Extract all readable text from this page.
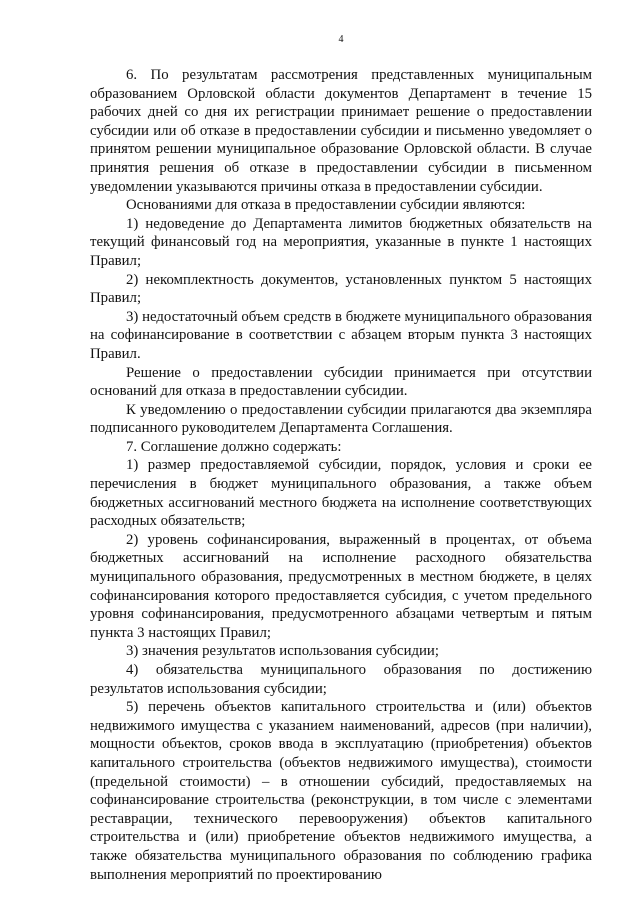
4

6. По результатам рассмотрения представленных муниципальным образованием Орловской области документов Департамент в течение 15 рабочих дней со дня их регистрации принимает решение о предоставлении субсидии или об отказе в предоставлении субсидии и письменно уведомляет о принятом решении муниципальное образование Орловской области. В случае принятия решения об отказе в предоставлении субсидии в письменном уведомлении указываются причины отказа в предоставлении субсидии.

Основаниями для отказа в предоставлении субсидии являются:

1) недоведение до Департамента лимитов бюджетных обязательств на текущий финансовый год на мероприятия, указанные в пункте 1 настоящих Правил;

2) некомплектность документов, установленных пунктом 5 настоящих Правил;

3) недостаточный объем средств в бюджете муниципального образования на софинансирование в соответствии с абзацем вторым пункта 3 настоящих Правил.

Решение о предоставлении субсидии принимается при отсутствии оснований для отказа в предоставлении субсидии.

К уведомлению о предоставлении субсидии прилагаются два экземпляра подписанного руководителем Департамента Соглашения.

7. Соглашение должно содержать:

1) размер предоставляемой субсидии, порядок, условия и сроки ее перечисления в бюджет муниципального образования, а также объем бюджетных ассигнований местного бюджета на исполнение соответствующих расходных обязательств;

2) уровень софинансирования, выраженный в процентах, от объема бюджетных ассигнований на исполнение расходного обязательства муниципального образования, предусмотренных в местном бюджете, в целях софинансирования которого предоставляется субсидия, с учетом предельного уровня софинансирования, предусмотренного абзацами четвертым и пятым пункта 3 настоящих Правил;

3) значения результатов использования субсидии;

4) обязательства муниципального образования по достижению результатов использования субсидии;

5) перечень объектов капитального строительства и (или) объектов недвижимого имущества с указанием наименований, адресов (при наличии), мощности объектов, сроков ввода в эксплуатацию (приобретения) объектов капитального строительства (объектов недвижимого имущества), стоимости (предельной стоимости) – в отношении субсидий, предоставляемых на софинансирование строительства (реконструкции, в том числе с элементами реставрации, технического перевооружения) объектов капитального строительства и (или) приобретение объектов недвижимого имущества, а также обязательства муниципального образования по соблюдению графика выполнения мероприятий по проектированию
